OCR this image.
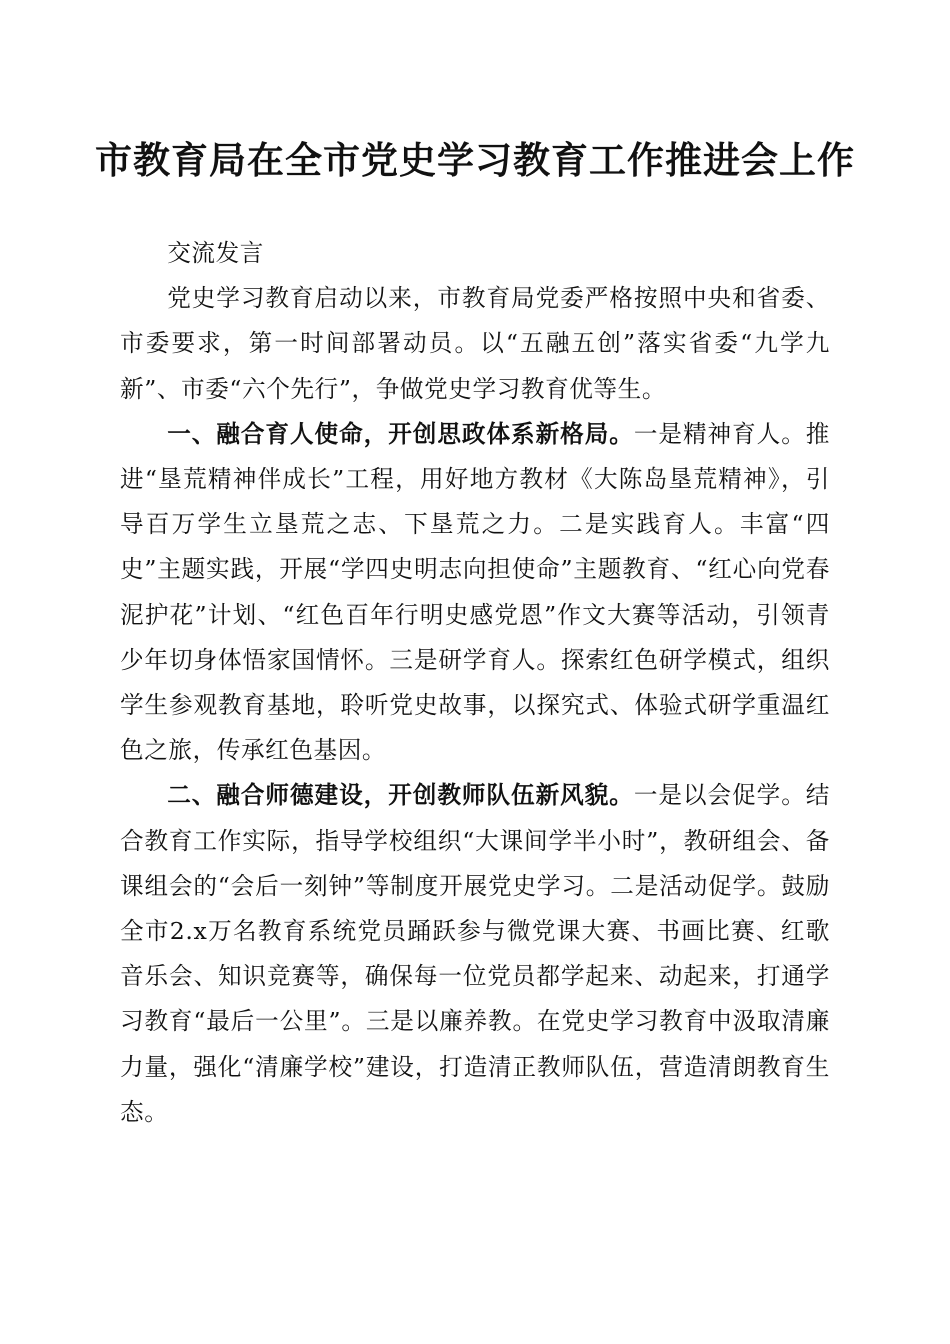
市教育局在全市党史学习教育工作推进会上作

交流发言

党史学习教育启动以来，市教育局党委严格按照中央和省委、市委要求，第一时间部署动员。以“五融五创”落实省委“九学九新”、市委“六个先行”，争做党史学习教育优等生。

一、融合育人使命，开创思政体系新格局。一是精神育人。推进“垦荒精神伴成长”工程，用好地方教材《大陈岛垦荒精神》，引导百万学生立垦荒之志、下垦荒之力。二是实践育人。丰富“四史”主题实践，开展“学四史明志向担使命”主题教育、“红心向党春泥护花”计划、“红色百年行明史感党恩”作文大赛等活动，引领青少年切身体悟家国情怀。三是研学育人。探索红色研学模式，组织学生参观教育基地，聆听党史故事，以探究式、体验式研学重温红色之旅，传承红色基因。

二、融合师德建设，开创教师队伍新风貌。一是以会促学。结合教育工作实际，指导学校组织“大课间学半小时”，教研组会、备课组会的“会后一刻钟”等制度开展党史学习。二是活动促学。鼓励全市2.x万名教育系统党员踊跃参与微党课大赛、书画比赛、红歌音乐会、知识竞赛等，确保每一位党员都学起来、动起来，打通学习教育“最后一公里”。三是以廉养教。在党史学习教育中汲取清廉力量，强化“清廉学校”建设，打造清正教师队伍，营造清朗教育生态。
